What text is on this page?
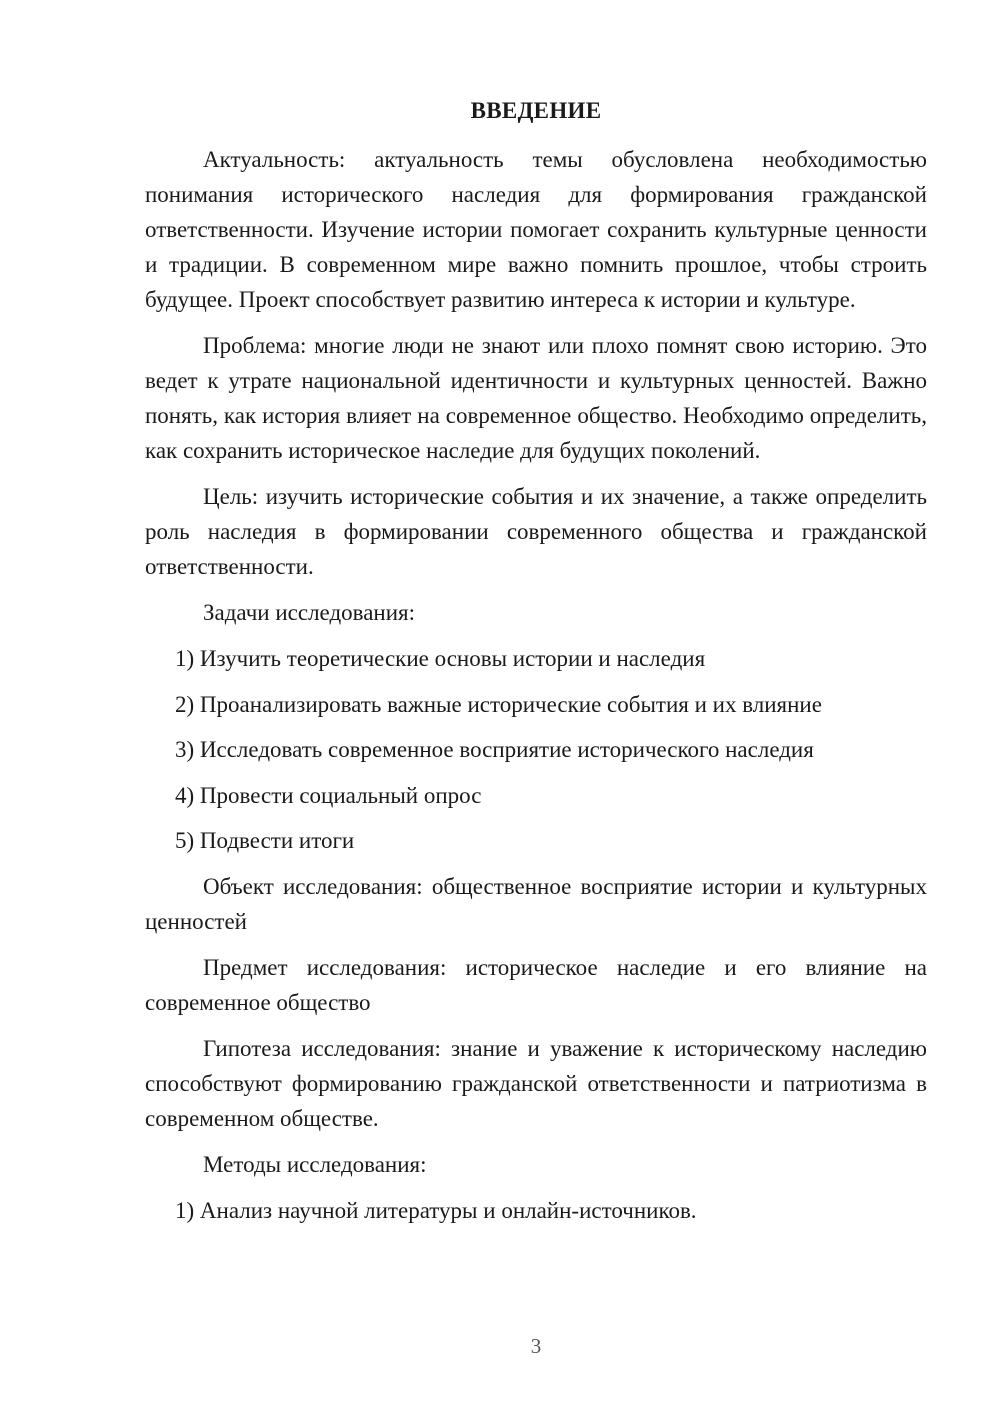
ВВЕДЕНИЕ

Актуальность: актуальность темы обусловлена необходимостью понимания исторического наследия для формирования гражданской ответственности. Изучение истории помогает сохранить культурные ценности и традиции. В современном мире важно помнить прошлое, чтобы строить будущее. Проект способствует развитию интереса к истории и культуре.

Проблема: многие люди не знают или плохо помнят свою историю. Это ведет к утрате национальной идентичности и культурных ценностей. Важно понять, как история влияет на современное общество. Необходимо определить, как сохранить историческое наследие для будущих поколений.

Цель: изучить исторические события и их значение, а также определить роль наследия в формировании современного общества и гражданской ответственности.

Задачи исследования:

1) Изучить теоретические основы истории и наследия
2) Проанализировать важные исторические события и их влияние
3) Исследовать современное восприятие исторического наследия
4) Провести социальный опрос
5) Подвести итоги

Объект исследования: общественное восприятие истории и культурных ценностей

Предмет исследования: историческое наследие и его влияние на современное общество

Гипотеза исследования: знание и уважение к историческому наследию способствуют формированию гражданской ответственности и патриотизма в современном обществе.

Методы исследования:

1) Анализ научной литературы и онлайн-источников.
3
